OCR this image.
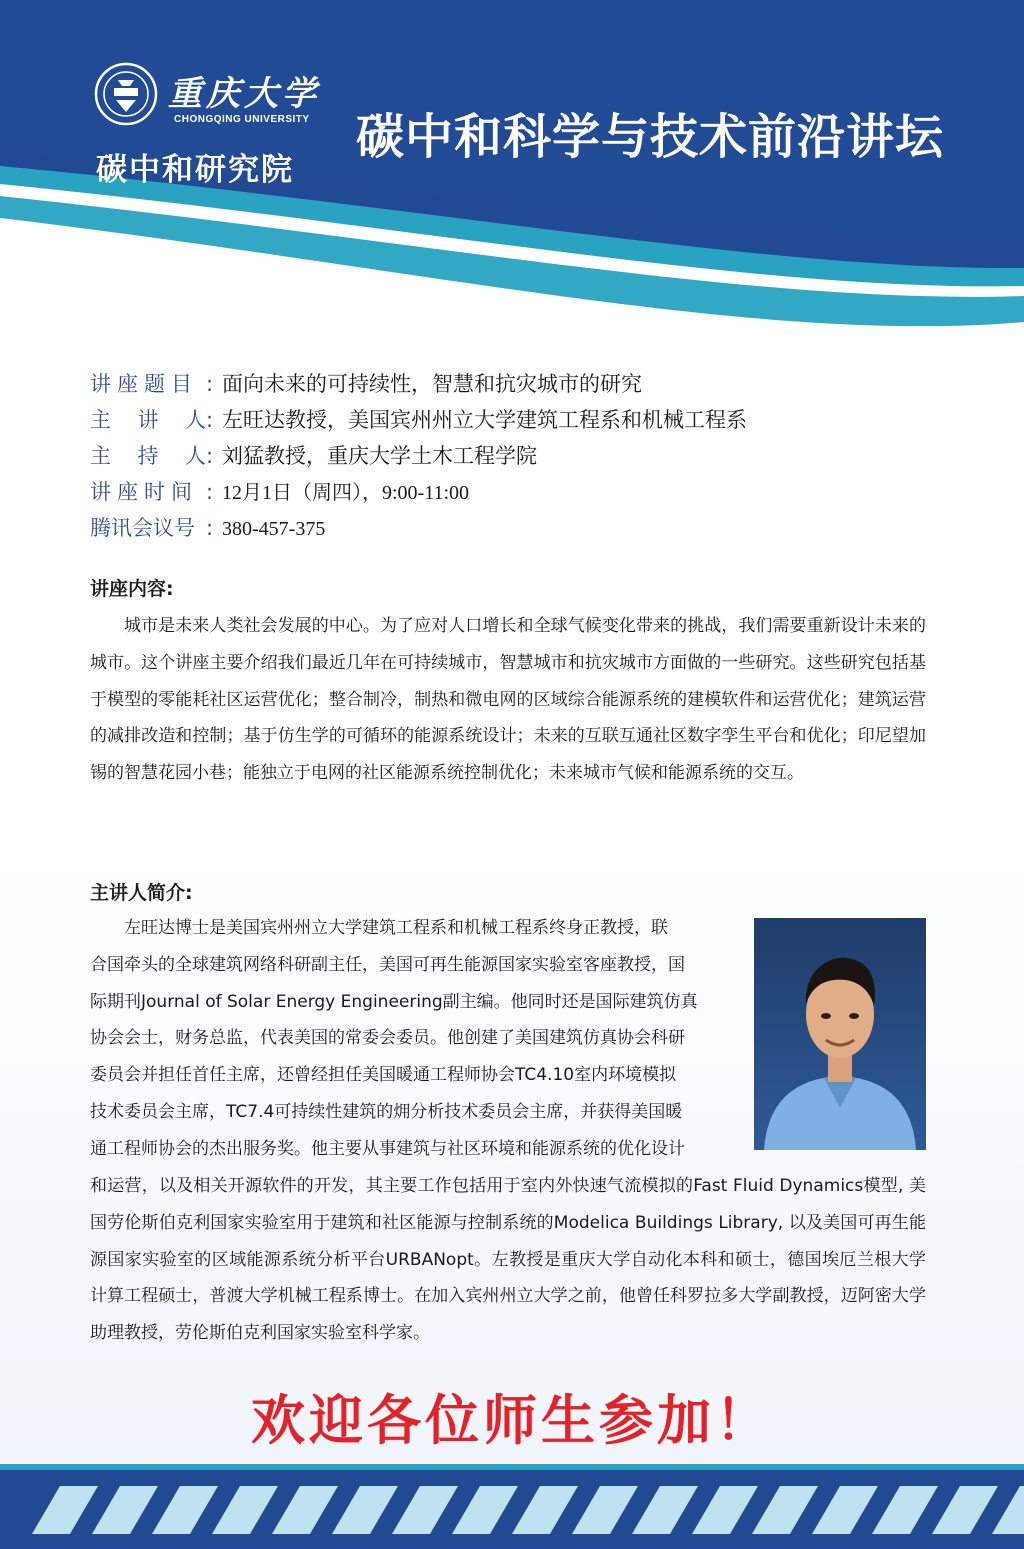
重庆大学
CHONGQING UNIVERSITY
碳中和研究院
碳中和科学与技术前沿讲坛
讲座题目 : 面向未来的可持续性，智慧和抗灾城市的研究
主 讲 人 : 左旺达教授，美国宾州州立大学建筑工程系和机械工程系
主 持 人 : 刘猛教授，重庆大学土木工程学院
讲座时间 : 12月1日（周四），9:00-11:00
腾讯会议号 : 380-457-375
讲座内容:

城市是未来人类社会发展的中心。为了应对人口增长和全球气候变化带来的挑战，我们需要重新设计未来的城市。这个讲座主要介绍我们最近几年在可持续城市，智慧城市和抗灾城市方面做的一些研究。这些研究包括基于模型的零能耗社区运营优化；整合制冷，制热和微电网的区域综合能源系统的建模软件和运营优化；建筑运营的减排改造和控制；基于仿生学的可循环的能源系统设计；未来的互联互通社区数字孪生平台和优化；印尼望加锡的智慧花园小巷；能独立于电网的社区能源系统控制优化；未来城市气候和能源系统的交互。

主讲人简介:
左旺达博士是美国宾州州立大学建筑工程系和机械工程系终身正教授，联
合国牵头的全球建筑网络科研副主任，美国可再生能源国家实验室客座教授，国
际期刊Journal of Solar Energy Engineering副主编。他同时还是国际建筑仿真
协会会士，财务总监，代表美国的常委会委员。他创建了美国建筑仿真协会科研
委员会并担任首任主席，还曾经担任美国暖通工程师协会TC4.10室内环境模拟
技术委员会主席，TC7.4可持续性建筑的㶲分析技术委员会主席，并获得美国暖
通工程师协会的杰出服务奖。他主要从事建筑与社区环境和能源系统的优化设计

和运营，以及相关开源软件的开发，其主要工作包括用于室内外快速气流模拟的Fast Fluid Dynamics模型, 美国劳伦斯伯克利国家实验室用于建筑和社区能源与控制系统的Modelica Buildings Library, 以及美国可再生能源国家实验室的区域能源系统分析平台URBANopt。左教授是重庆大学自动化本科和硕士，德国埃厄兰根大学计算工程硕士，普渡大学机械工程系博士。在加入宾州州立大学之前，他曾任科罗拉多大学副教授，迈阿密大学助理教授，劳伦斯伯克利国家实验室科学家。

欢迎各位师生参加！
